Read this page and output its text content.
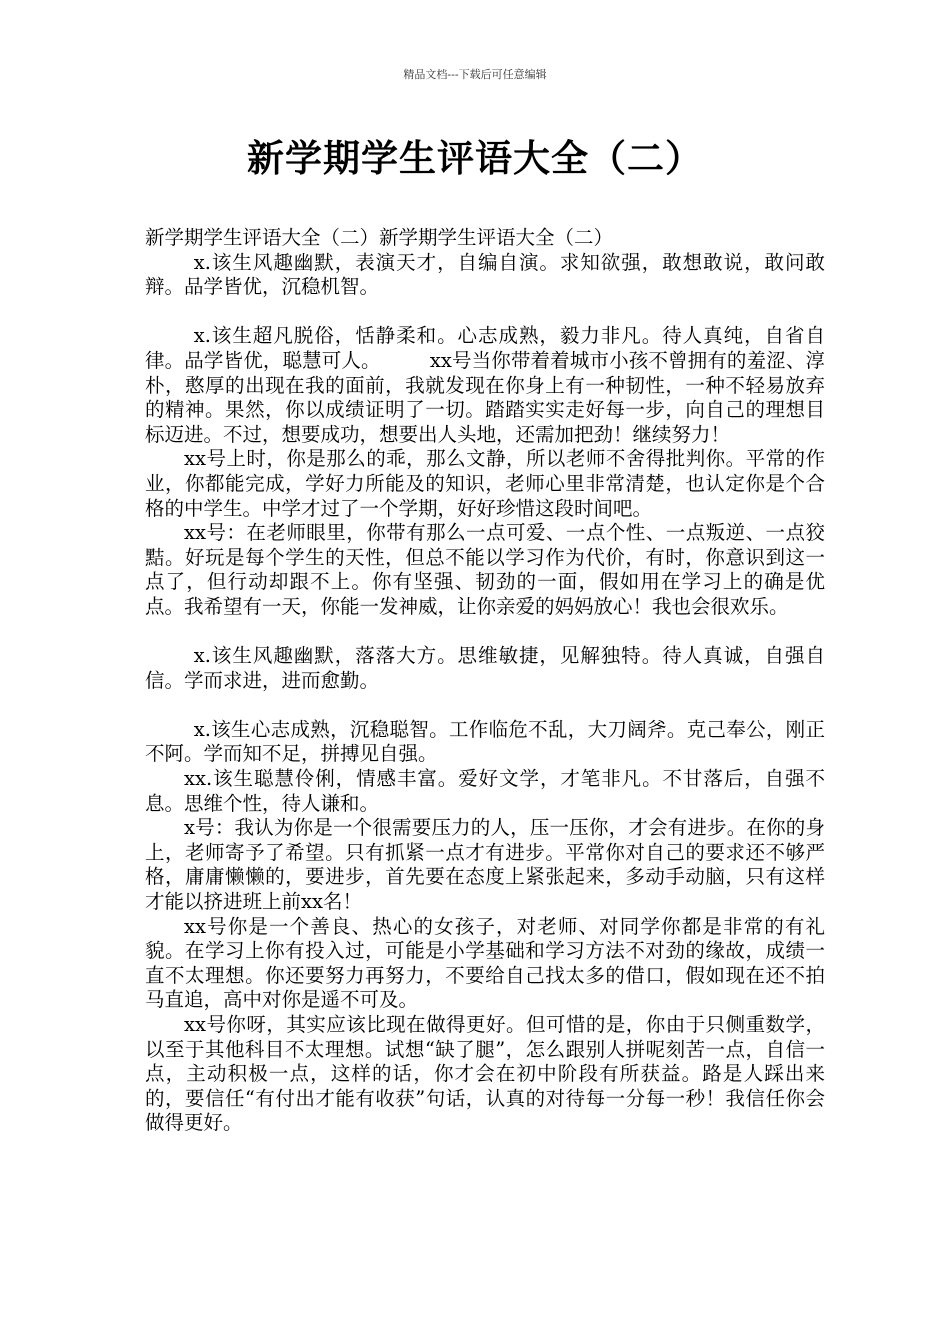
精品文档---下载后可任意编辑
新学期学生评语大全（二）

新学期学生评语大全（二）新学期学生评语大全（二）

x.该生风趣幽默，表演天才，自编自演。求知欲强，敢想敢说，敢问敢辩。品学皆优，沉稳机智。

x.该生超凡脱俗，恬静柔和。心志成熟，毅力非凡。待人真纯，自省自律。品学皆优，聪慧可人。　　　xx号当你带着着城市小孩不曾拥有的羞涩、淳朴，憨厚的出现在我的面前，我就发现在你身上有一种韧性，一种不轻易放弃的精神。果然，你以成绩证明了一切。踏踏实实走好每一步，向自己的理想目标迈进。不过，想要成功，想要出人头地，还需加把劲！继续努力！

xx号上时，你是那么的乖，那么文静，所以老师不舍得批判你。平常的作业，你都能完成，学好力所能及的知识，老师心里非常清楚，也认定你是个合格的中学生。中学才过了一个学期，好好珍惜这段时间吧。

xx号：在老师眼里，你带有那么一点可爱、一点个性、一点叛逆、一点狡黠。好玩是每个学生的天性，但总不能以学习作为代价，有时，你意识到这一点了，但行动却跟不上。你有坚强、韧劲的一面，假如用在学习上的确是优点。我希望有一天，你能一发神威，让你亲爱的妈妈放心！我也会很欢乐。

x.该生风趣幽默，落落大方。思维敏捷，见解独特。待人真诚，自强自信。学而求进，进而愈勤。

x.该生心志成熟，沉稳聪智。工作临危不乱，大刀阔斧。克己奉公，刚正不阿。学而知不足，拼搏见自强。

xx.该生聪慧伶俐，情感丰富。爱好文学，才笔非凡。不甘落后，自强不息。思维个性，待人谦和。

x号：我认为你是一个很需要压力的人，压一压你，才会有进步。在你的身上，老师寄予了希望。只有抓紧一点才有进步。平常你对自己的要求还不够严格，庸庸懒懒的，要进步，首先要在态度上紧张起来，多动手动脑，只有这样才能以挤进班上前xx名！

xx号你是一个善良、热心的女孩子，对老师、对同学你都是非常的有礼貌。在学习上你有投入过，可能是小学基础和学习方法不对劲的缘故，成绩一直不太理想。你还要努力再努力，不要给自己找太多的借口，假如现在还不拍马直追，高中对你是遥不可及。

xx号你呀，其实应该比现在做得更好。但可惜的是，你由于只侧重数学，以至于其他科目不太理想。试想“缺了腿”，怎么跟别人拼呢刻苦一点，自信一点，主动积极一点，这样的话，你才会在初中阶段有所获益。路是人踩出来的，要信任“有付出才能有收获”句话，认真的对待每一分每一秒！我信任你会做得更好。
